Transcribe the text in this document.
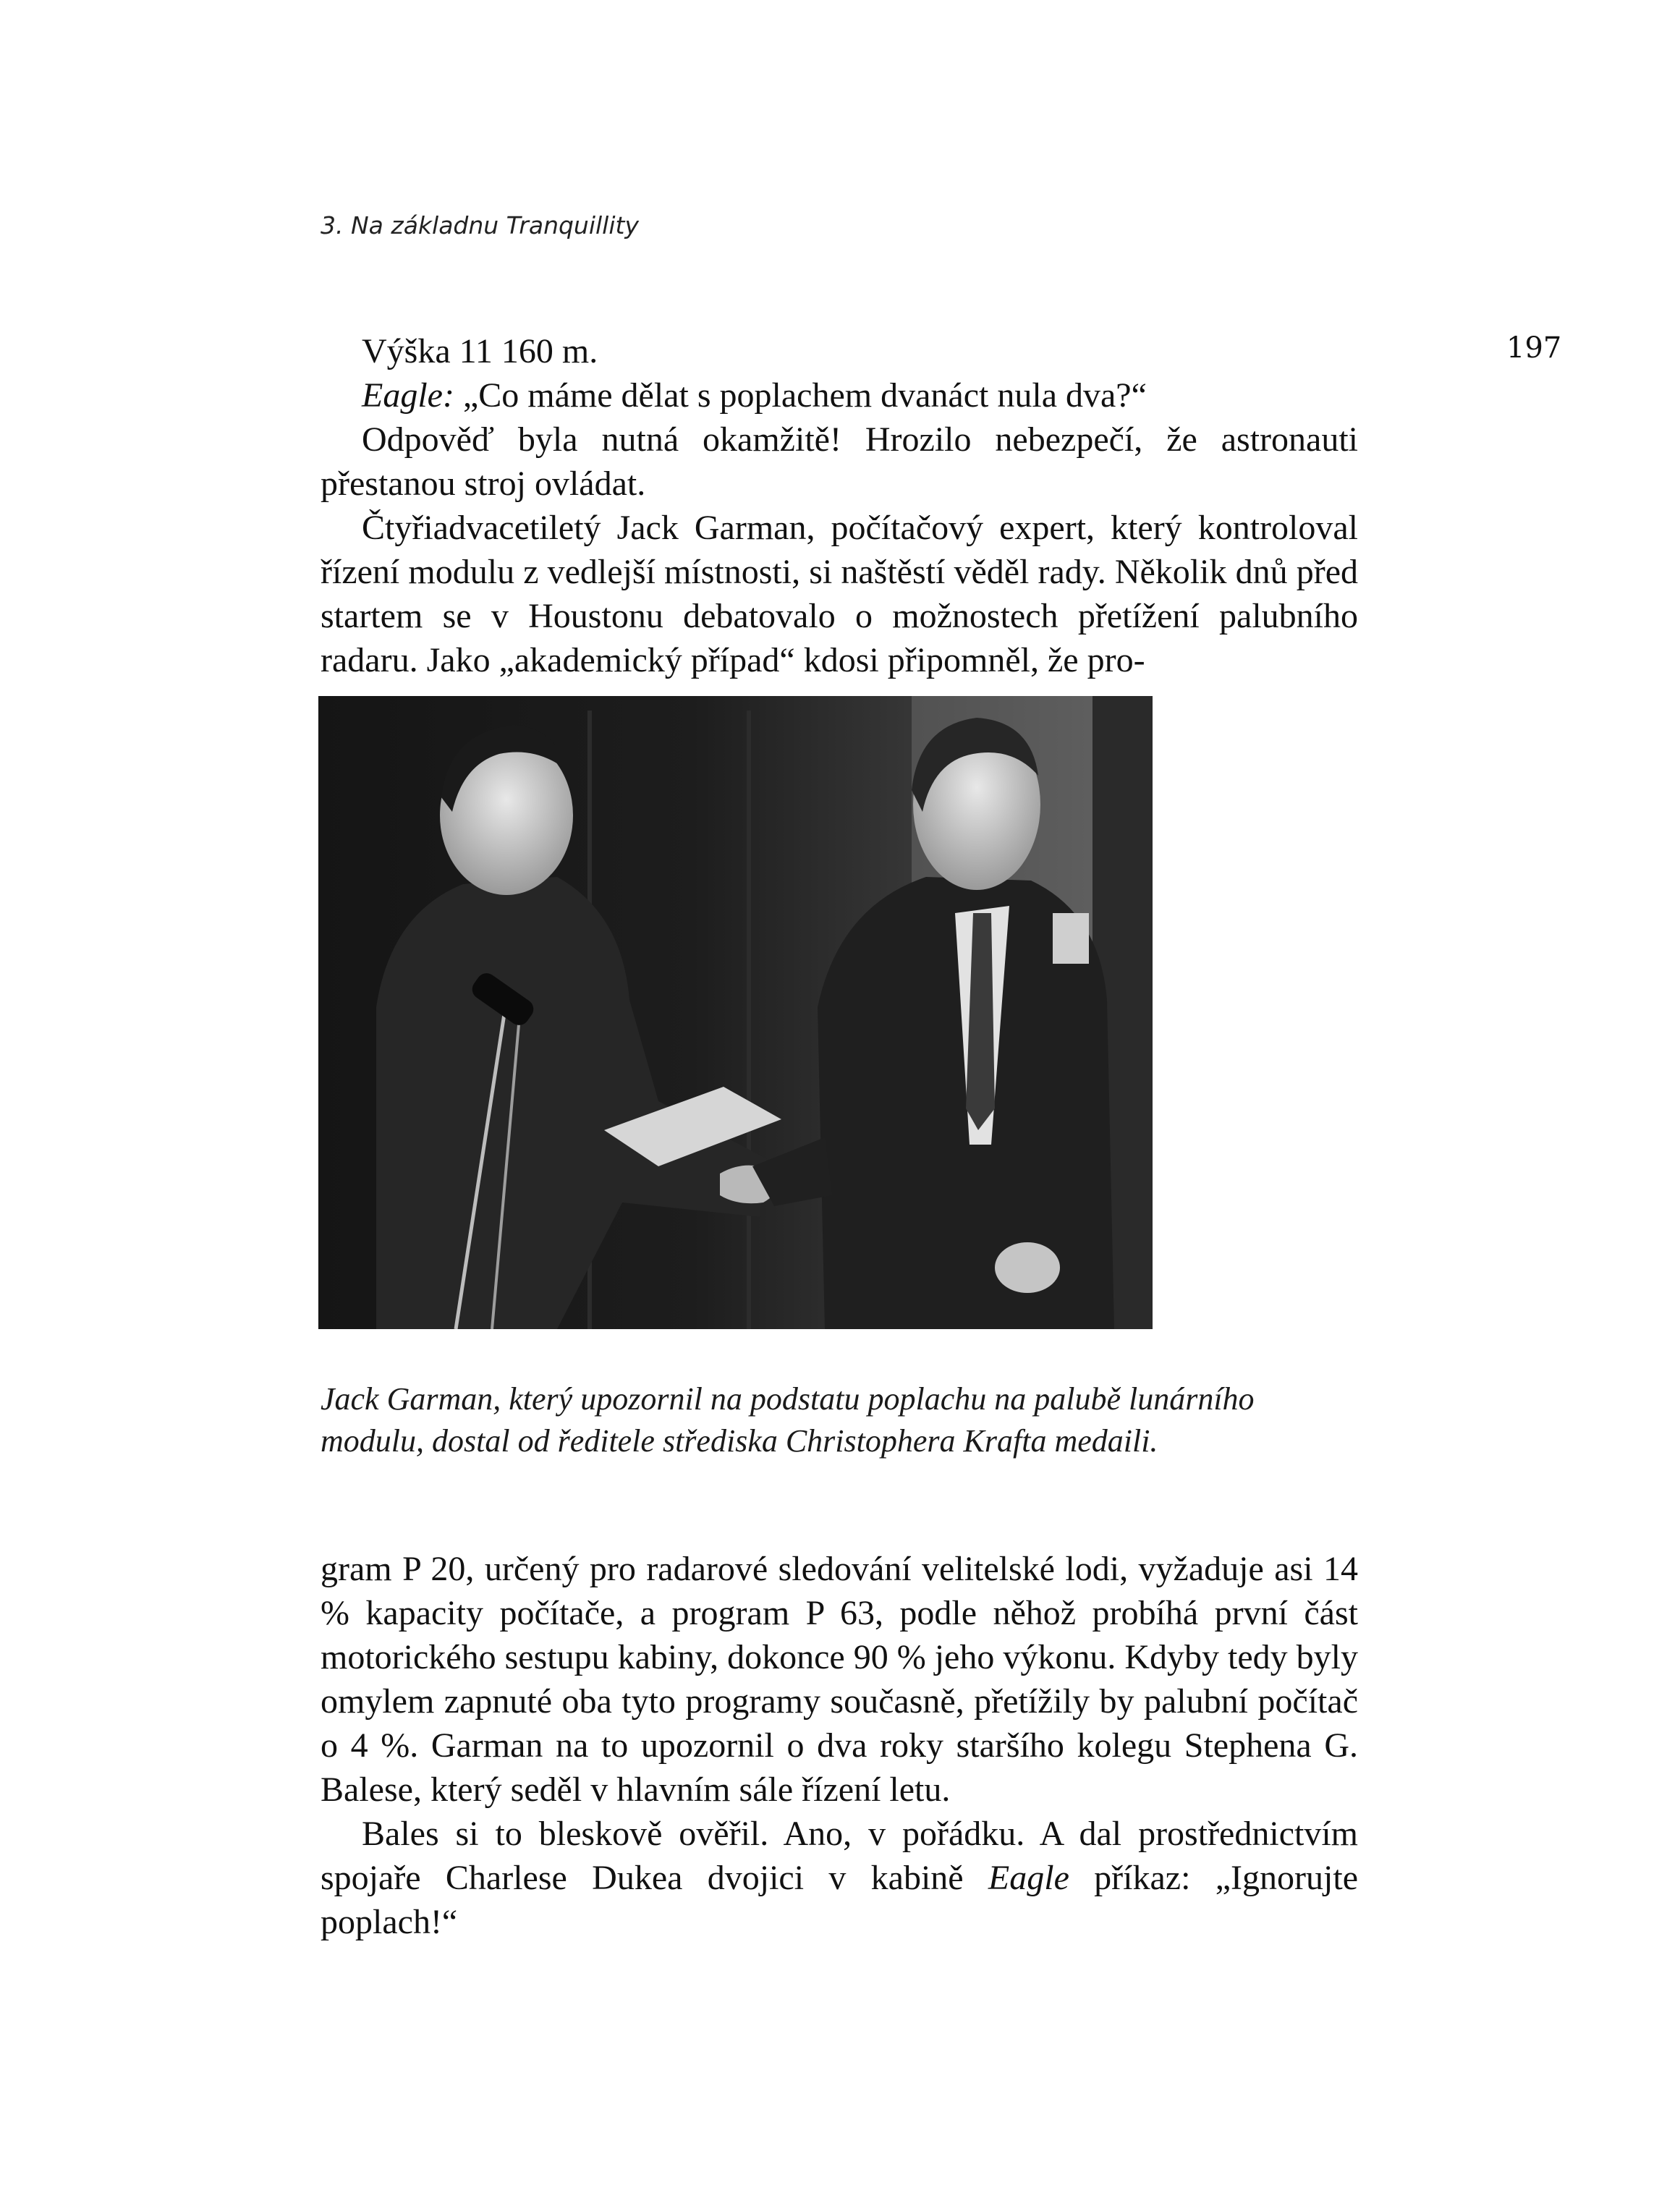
3. Na základnu Tranquillity
197

Výška 11 160 m.

Eagle: „Co máme dělat s poplachem dvanáct nula dva?“

Odpověď byla nutná okamžitě! Hrozilo nebezpečí, že astronauti přestanou stroj ovládat.

Čtyřiadvacetiletý Jack Garman, počítačový expert, který kontroloval řízení modulu z vedlejší místnosti, si naštěstí věděl rady. Několik dnů před startem se v Houstonu debatovalo o možnostech přetížení palubního radaru. Jako „akademický případ“ kdosi připomněl, že pro-

Jack Garman, který upozornil na podstatu poplachu na palubě lunárního modulu, dostal od ředitele střediska Christophera Krafta medaili.

gram P 20, určený pro radarové sledování velitelské lodi, vyžaduje asi 14 % kapacity počítače, a program P 63, podle něhož probíhá první část motorického sestupu kabiny, dokonce 90 % jeho výkonu. Kdyby tedy byly omylem zapnuté oba tyto programy současně, přetížily by palubní počítač o 4 %. Garman na to upozornil o dva roky staršího kolegu Stephena G. Balese, který seděl v hlavním sále řízení letu.

Bales si to bleskově ověřil. Ano, v pořádku. A dal prostřednictvím spojaře Charlese Dukea dvojici v kabině Eagle příkaz: „Ignorujte poplach!“
